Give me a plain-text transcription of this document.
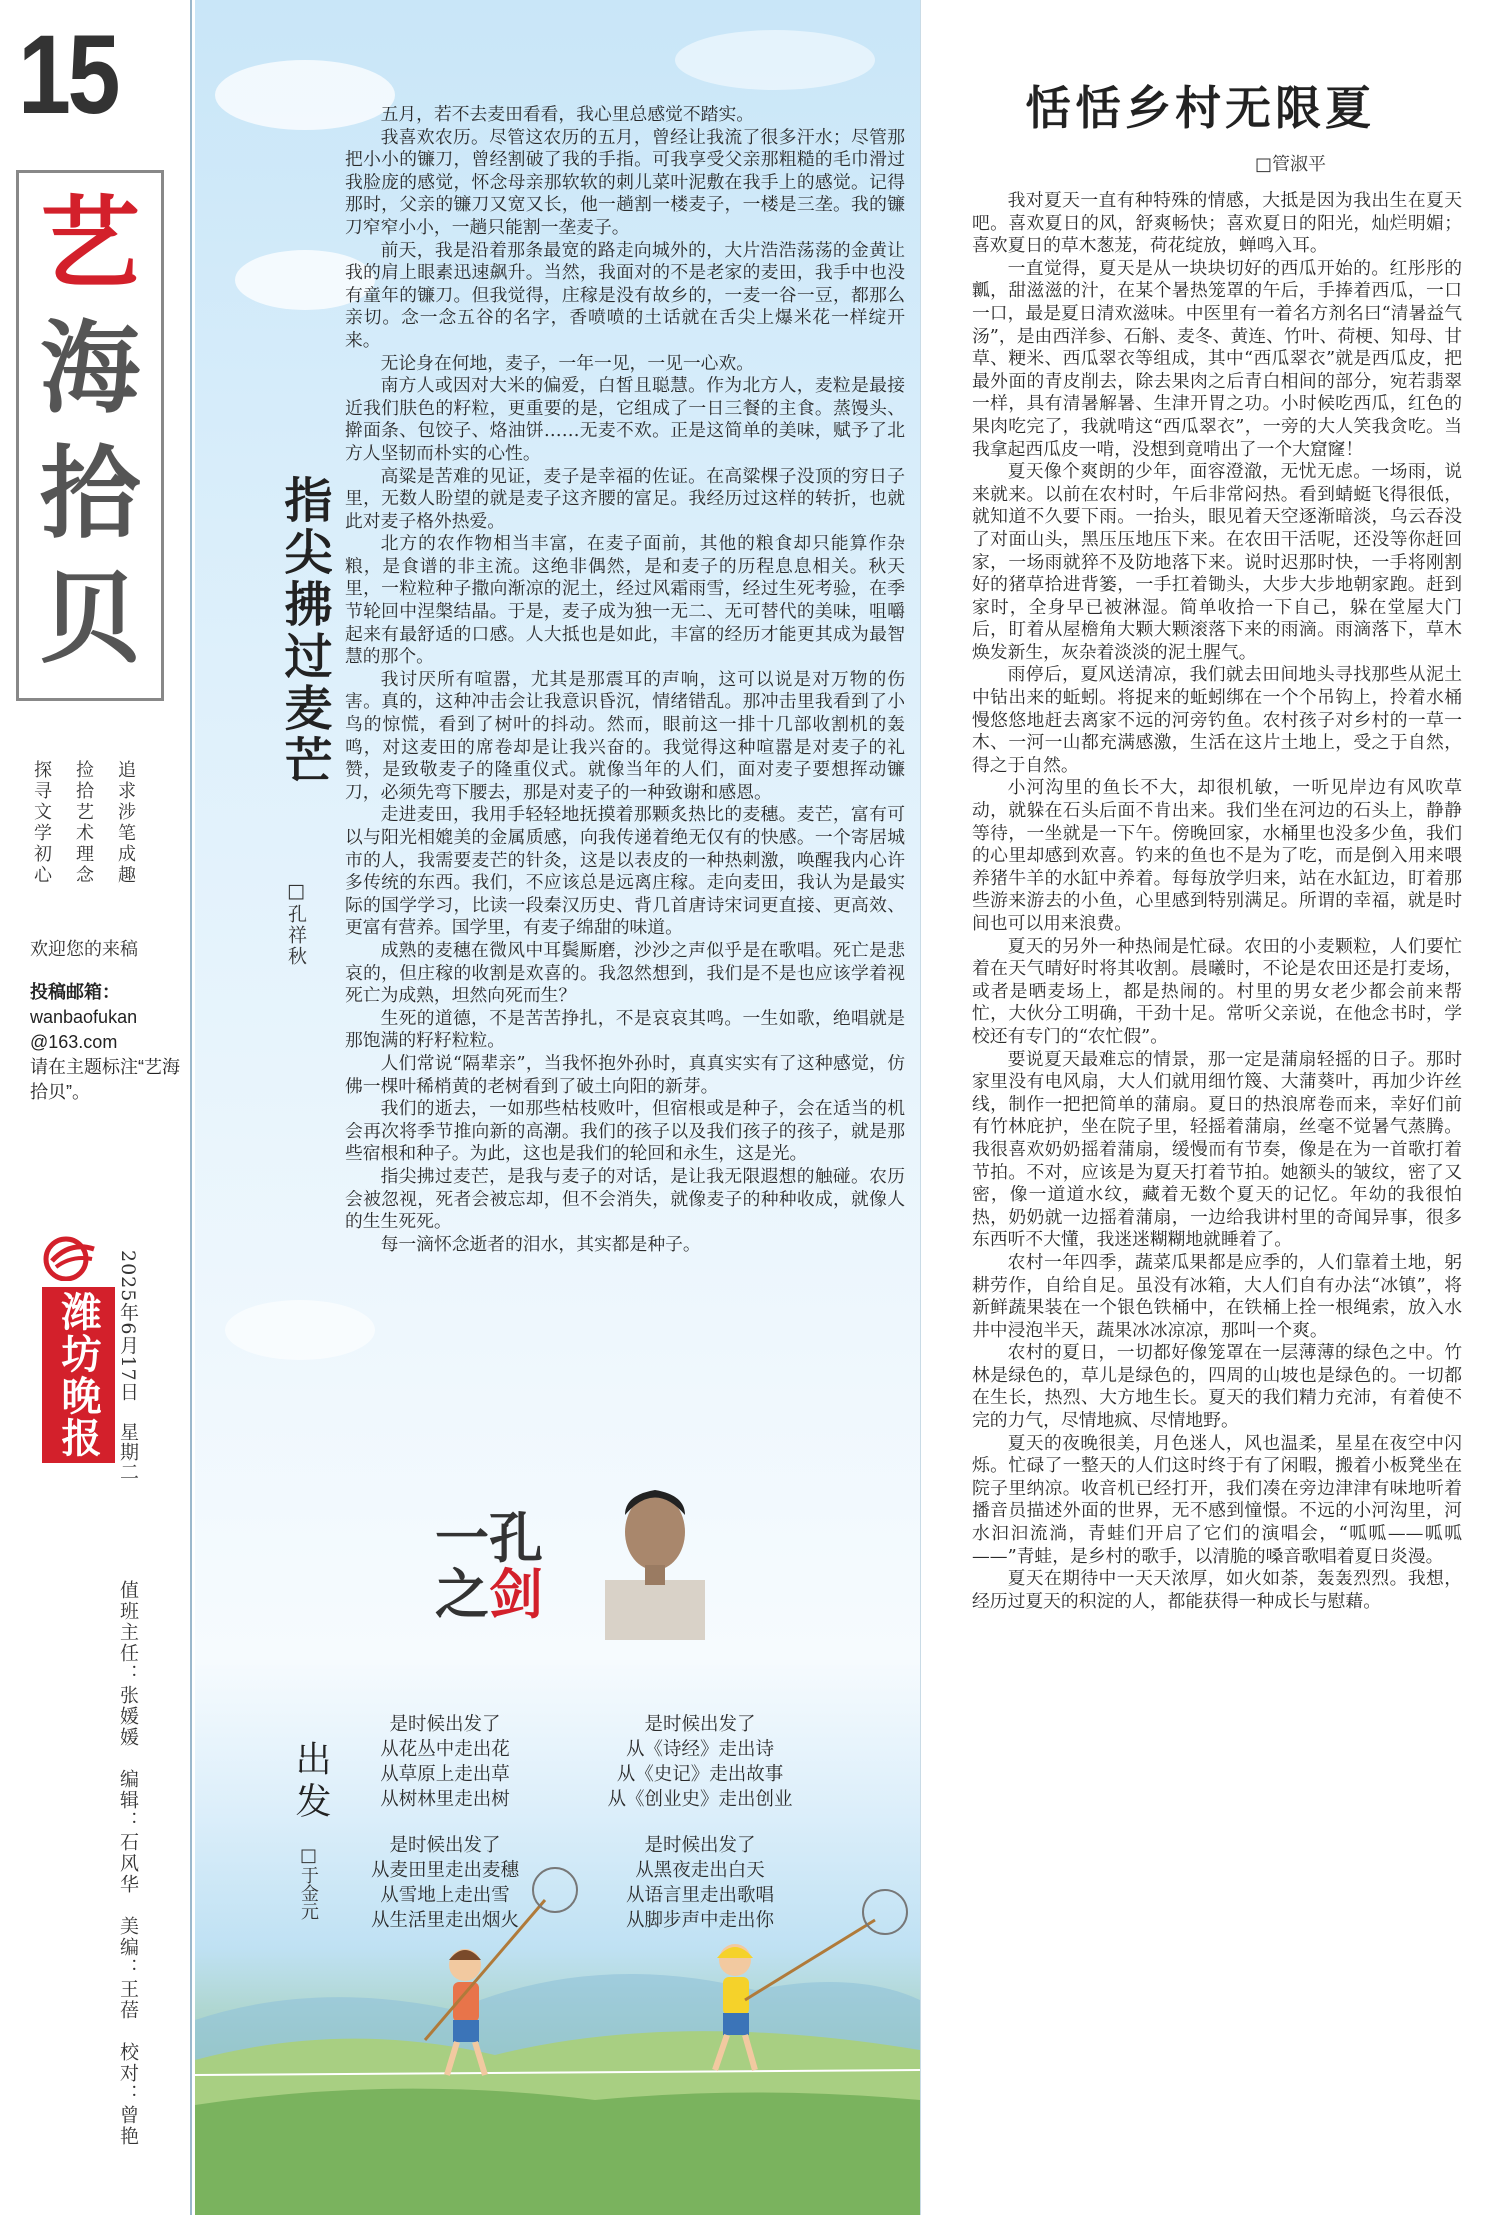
15
艺
海
拾
贝
追求涉笔成趣
捡拾艺术理念
探寻文学初心
欢迎您的来稿
投稿邮箱：
wanbaofukan
@163.com
请在主题标注“艺海拾贝”。
潍坊晚报 2025年6月17日　星期二
值班主任：张媛媛　编辑：石风华　美编：王蓓　校对：曾艳
指尖拂过麦芒
□孔祥秋

五月，若不去麦田看看，我心里总感觉不踏实。

我喜欢农历。尽管这农历的五月，曾经让我流了很多汗水；尽管那把小小的镰刀，曾经割破了我的手指。可我享受父亲那粗糙的毛巾滑过我脸庞的感觉，怀念母亲那软软的刺儿菜叶泥敷在我手上的感觉。记得那时，父亲的镰刀又宽又长，他一趟割一楼麦子，一楼是三垄。我的镰刀窄窄小小，一趟只能割一垄麦子。

前天，我是沿着那条最宽的路走向城外的，大片浩浩荡荡的金黄让我的肩上眼素迅速飙升。当然，我面对的不是老家的麦田，我手中也没有童年的镰刀。但我觉得，庄稼是没有故乡的，一麦一谷一豆，都那么亲切。念一念五谷的名字，香喷喷的土话就在舌尖上爆米花一样绽开来。

无论身在何地，麦子，一年一见，一见一心欢。

南方人或因对大米的偏爱，白皙且聪慧。作为北方人，麦粒是最接近我们肤色的籽粒，更重要的是，它组成了一日三餐的主食。蒸馒头、擀面条、包饺子、烙油饼……无麦不欢。正是这简单的美味，赋予了北方人坚韧而朴实的心性。

高粱是苦难的见证，麦子是幸福的佐证。在高粱棵子没顶的穷日子里，无数人盼望的就是麦子这齐腰的富足。我经历过这样的转折，也就此对麦子格外热爱。

北方的农作物相当丰富，在麦子面前，其他的粮食却只能算作杂粮，是食谱的非主流。这绝非偶然，是和麦子的历程息息相关。秋天里，一粒粒种子撒向渐凉的泥土，经过风霜雨雪，经过生死考验，在季节轮回中涅槃结晶。于是，麦子成为独一无二、无可替代的美味，咀嚼起来有最舒适的口感。人大抵也是如此，丰富的经历才能更其成为最智慧的那个。

我讨厌所有喧嚣，尤其是那震耳的声响，这可以说是对万物的伤害。真的，这种冲击会让我意识昏沉，情绪错乱。那冲击里我看到了小鸟的惊慌，看到了树叶的抖动。然而，眼前这一排十几部收割机的轰鸣，对这麦田的席卷却是让我兴奋的。我觉得这种喧嚣是对麦子的礼赞，是致敬麦子的隆重仪式。就像当年的人们，面对麦子要想挥动镰刀，必须先弯下腰去，那是对麦子的一种致谢和感恩。

走进麦田，我用手轻轻地抚摸着那颗炙热比的麦穗。麦芒，富有可以与阳光相媲美的金属质感，向我传递着绝无仅有的快感。一个寄居城市的人，我需要麦芒的针灸，这是以表皮的一种热刺激，唤醒我内心许多传统的东西。我们，不应该总是远离庄稼。走向麦田，我认为是最实际的国学学习，比读一段秦汉历史、背几首唐诗宋词更直接、更高效、更富有营养。国学里，有麦子绵甜的味道。

成熟的麦穗在微风中耳鬓厮磨，沙沙之声似乎是在歌唱。死亡是悲哀的，但庄稼的收割是欢喜的。我忽然想到，我们是不是也应该学着视死亡为成熟，坦然向死而生？

生死的道德，不是苦苦挣扎，不是哀哀其鸣。一生如歌，绝唱就是那饱满的籽籽粒粒。

人们常说“隔辈亲”，当我怀抱外孙时，真真实实有了这种感觉，仿佛一棵叶稀梢黄的老树看到了破土向阳的新芽。

我们的逝去，一如那些枯枝败叶，但宿根或是种子，会在适当的机会再次将季节推向新的高潮。我们的孩子以及我们孩子的孩子，就是那些宿根和种子。为此，这也是我们的轮回和永生，这是光。

指尖拂过麦芒，是我与麦子的对话，是让我无限遐想的触碰。农历会被忽视，死者会被忘却，但不会消失，就像麦子的种种收成，就像人的生生死死。

每一滴怀念逝者的泪水，其实都是种子。

一孔
之剑
出发
□于金元
是时候出发了
从花丛中走出花
从草原上走出草
从树林里走出树
是时候出发了
从《诗经》走出诗
从《史记》走出故事
从《创业史》走出创业
是时候出发了
从麦田里走出麦穗
从雪地上走出雪
从生活里走出烟火
是时候出发了
从黑夜走出白天
从语言里走出歌唱
从脚步声中走出你
恬恬乡村无限夏
□管淑平

我对夏天一直有种特殊的情感，大抵是因为我出生在夏天吧。喜欢夏日的风，舒爽畅快；喜欢夏日的阳光，灿烂明媚；喜欢夏日的草木葱茏，荷花绽放，蝉鸣入耳。

一直觉得，夏天是从一块块切好的西瓜开始的。红彤彤的瓤，甜滋滋的汁，在某个暑热笼罩的午后，手捧着西瓜，一口一口，最是夏日清欢滋味。中医里有一着名方剂名曰“清暑益气汤”，是由西洋参、石斛、麦冬、黄连、竹叶、荷梗、知母、甘草、粳米、西瓜翠衣等组成，其中“西瓜翠衣”就是西瓜皮，把最外面的青皮削去，除去果肉之后青白相间的部分，宛若翡翠一样，具有清暑解暑、生津开胃之功。小时候吃西瓜，红色的果肉吃完了，我就啃这“西瓜翠衣”，一旁的大人笑我贪吃。当我拿起西瓜皮一啃，没想到竟啃出了一个大窟窿！

夏天像个爽朗的少年，面容澄澈，无忧无虑。一场雨，说来就来。以前在农村时，午后非常闷热。看到蜻蜓飞得很低，就知道不久要下雨。一抬头，眼见着天空逐渐暗淡，乌云吞没了对面山头，黑压压地压下来。在农田干活呢，还没等你赶回家，一场雨就猝不及防地落下来。说时迟那时快，一手将刚割好的猪草拾进背篓，一手扛着锄头，大步大步地朝家跑。赶到家时，全身早已被淋湿。简单收拾一下自己，躲在堂屋大门后，盯着从屋檐角大颗大颗滚落下来的雨滴。雨滴落下，草木焕发新生，灰杂着淡淡的泥土腥气。

雨停后，夏风送清凉，我们就去田间地头寻找那些从泥土中钻出来的蚯蚓。将捉来的蚯蚓绑在一个个吊钩上，拎着水桶慢悠悠地赶去离家不远的河旁钓鱼。农村孩子对乡村的一草一木、一河一山都充满感激，生活在这片土地上，受之于自然，得之于自然。

小河沟里的鱼长不大，却很机敏，一听见岸边有风吹草动，就躲在石头后面不肯出来。我们坐在河边的石头上，静静等待，一坐就是一下午。傍晚回家，水桶里也没多少鱼，我们的心里却感到欢喜。钓来的鱼也不是为了吃，而是倒入用来喂养猪牛羊的水缸中养着。每每放学归来，站在水缸边，盯着那些游来游去的小鱼，心里感到特别满足。所谓的幸福，就是时间也可以用来浪费。

夏天的另外一种热闹是忙碌。农田的小麦颗粒，人们要忙着在天气晴好时将其收割。晨曦时，不论是农田还是打麦场，或者是晒麦场上，都是热闹的。村里的男女老少都会前来帮忙，大伙分工明确，干劲十足。常听父亲说，在他念书时，学校还有专门的“农忙假”。

要说夏天最难忘的情景，那一定是蒲扇轻摇的日子。那时家里没有电风扇，大人们就用细竹篾、大蒲葵叶，再加少许丝线，制作一把把简单的蒲扇。夏日的热浪席卷而来，幸好们前有竹林庇护，坐在院子里，轻摇着蒲扇，丝毫不觉暑气蒸腾。我很喜欢奶奶摇着蒲扇，缓慢而有节奏，像是在为一首歌打着节拍。不对，应该是为夏天打着节拍。她额头的皱纹，密了又密，像一道道水纹，藏着无数个夏天的记忆。年幼的我很怕热，奶奶就一边摇着蒲扇，一边给我讲村里的奇闻异事，很多东西听不大懂，我迷迷糊糊地就睡着了。

农村一年四季，蔬菜瓜果都是应季的，人们靠着土地，躬耕劳作，自给自足。虽没有冰箱，大人们自有办法“冰镇”，将新鲜蔬果装在一个银色铁桶中，在铁桶上拴一根绳索，放入水井中浸泡半天，蔬果冰冰凉凉，那叫一个爽。

农村的夏日，一切都好像笼罩在一层薄薄的绿色之中。竹林是绿色的，草儿是绿色的，四周的山坡也是绿色的。一切都在生长，热烈、大方地生长。夏天的我们精力充沛，有着使不完的力气，尽情地疯、尽情地野。

夏天的夜晚很美，月色迷人，风也温柔，星星在夜空中闪烁。忙碌了一整天的人们这时终于有了闲暇，搬着小板凳坐在院子里纳凉。收音机已经打开，我们凑在旁边津津有味地听着播音员描述外面的世界，无不感到憧憬。不远的小河沟里，河水汩汩流淌，青蛙们开启了它们的演唱会，“呱呱——呱呱——”青蛙，是乡村的歌手，以清脆的嗓音歌唱着夏日炎漫。

夏天在期待中一天天浓厚，如火如荼，轰轰烈烈。我想，经历过夏天的积淀的人，都能获得一种成长与慰藉。
